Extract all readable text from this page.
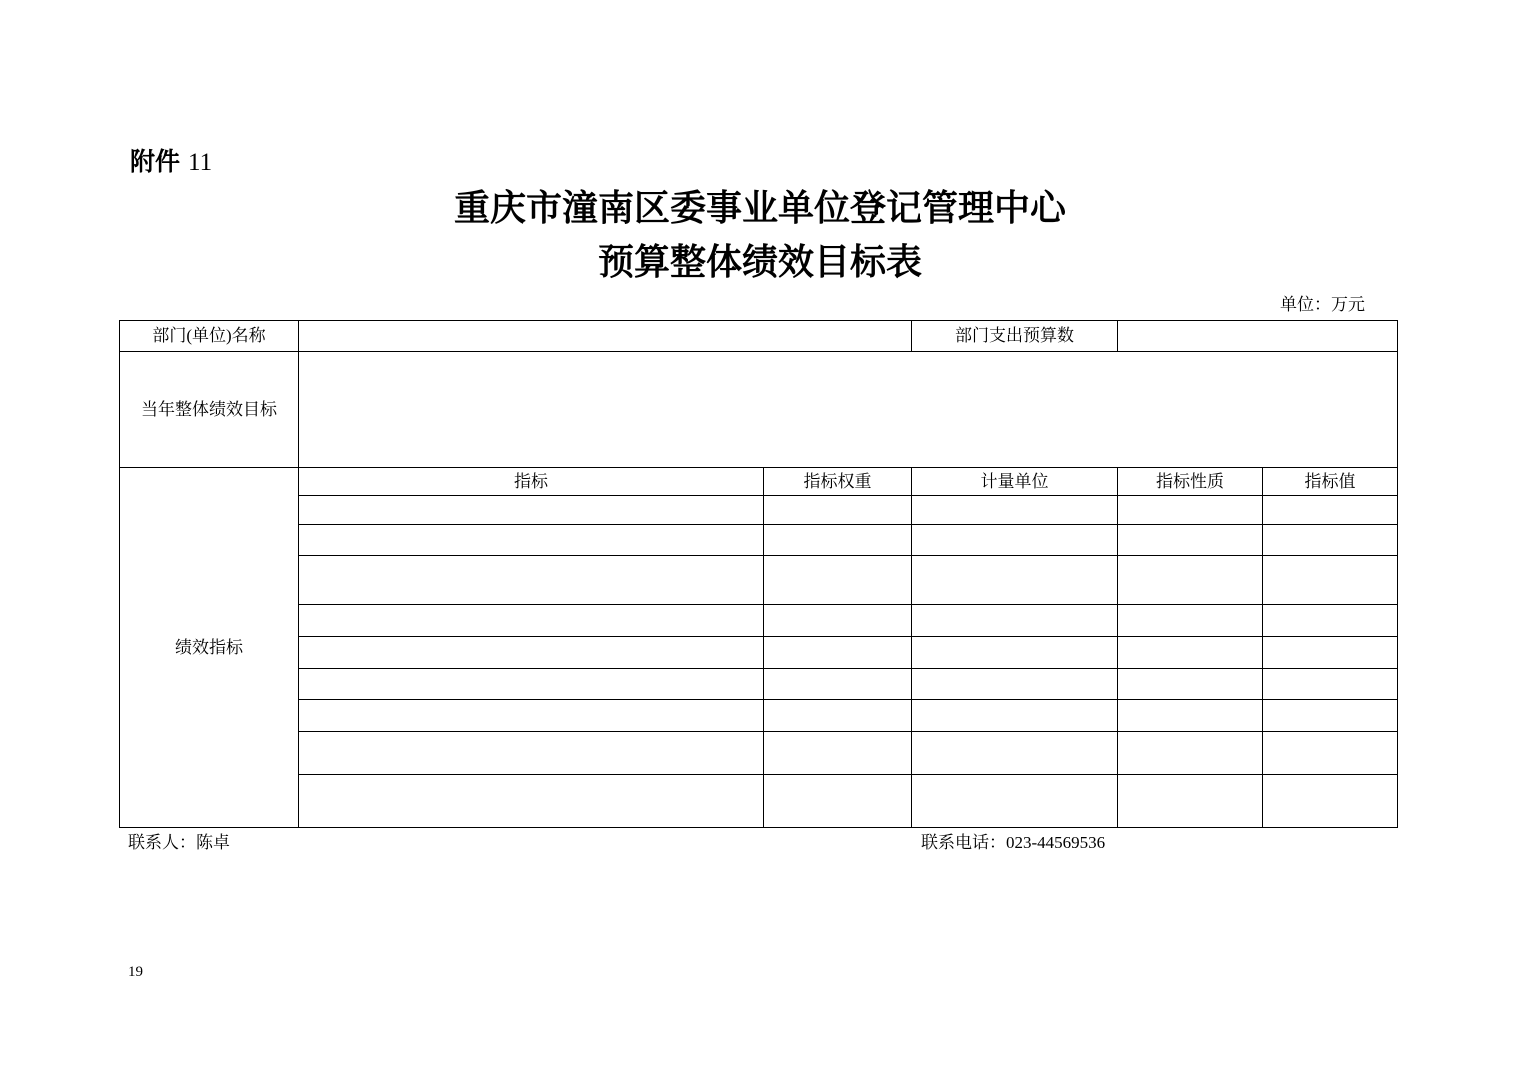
附件 11
重庆市潼南区委事业单位登记管理中心
预算整体绩效目标表
单位：万元
部门(单位)名称			部门支出预算数		
当年整体绩效目标					
绩效指标	指标	指标权重	计量单位	指标性质	指标值

联系人：陈卓	联系电话：023-44569536
19
